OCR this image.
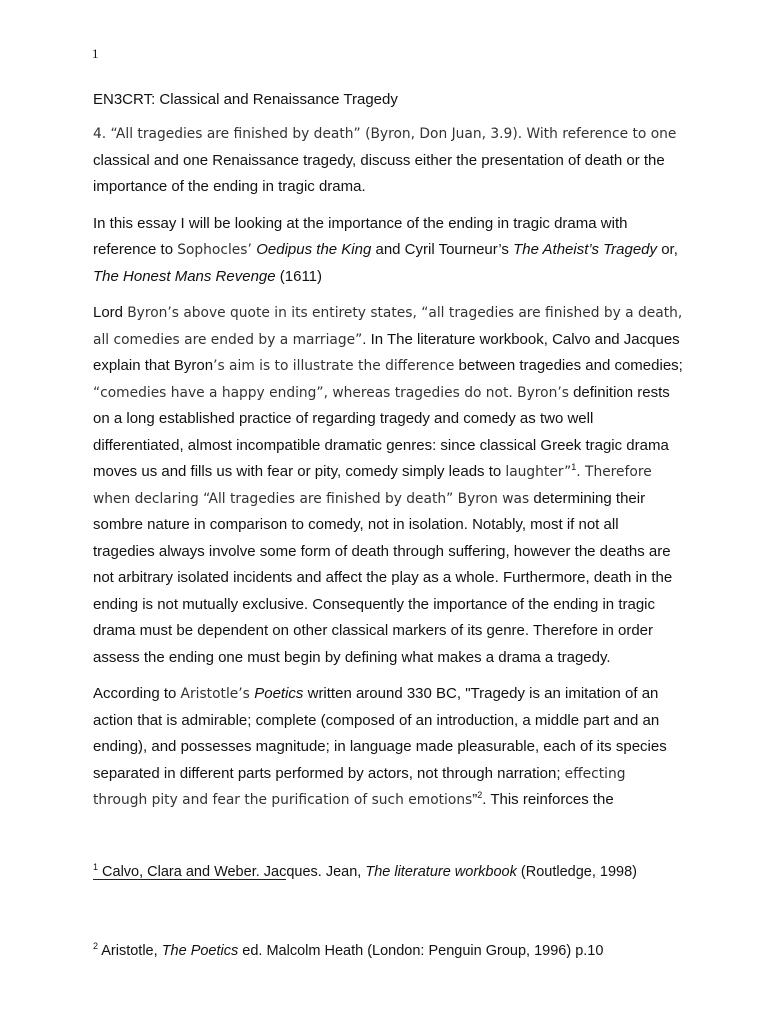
1

EN3CRT: Classical and Renaissance Tragedy

4. “All tragedies are finished by death” (Byron, Don Juan, 3.9). With reference to one classical and one Renaissance tragedy, discuss either the presentation of death or the importance of the ending in tragic drama.

In this essay I will be looking at the importance of the ending in tragic drama with reference to Sophocles’ Oedipus the King and Cyril Tourneur’s The Atheist’s Tragedy or, The Honest Mans Revenge (1611)

Lord Byron’s above quote in its entirety states, “all tragedies are finished by a death, all comedies are ended by a marriage”. In The literature workbook, Calvo and Jacques explain that Byron’s aim is to illustrate the difference between tragedies and comedies; “comedies have a happy ending”, whereas tragedies do not. Byron’s definition rests on a long established practice of regarding tragedy and comedy as two well differentiated, almost incompatible dramatic genres: since classical Greek tragic drama moves us and fills us with fear or pity, comedy simply leads to laughter”$^1$. Therefore when declaring “All tragedies are finished by death” Byron was determining their sombre nature in comparison to comedy, not in isolation. Notably, most if not all tragedies always involve some form of death through suffering, however the deaths are not arbitrary isolated incidents and affect the play as a whole. Furthermore, death in the ending is not mutually exclusive. Consequently the importance of the ending in tragic drama must be dependent on other classical markers of its genre. Therefore in order assess the ending one must begin by defining what makes a drama a tragedy.

According to Aristotle’s Poetics written around 330 BC, "Tragedy is an imitation of an action that is admirable; complete (composed of an introduction, a middle part and an ending), and possesses magnitude; in language made pleasurable, each of its species separated in different parts performed by actors, not through narration; effecting through pity and fear the purification of such emotions”$^2$. This reinforces the

$^1$ Calvo, Clara and Weber. Jacques. Jean, The literature workbook (Routledge, 1998)
$^2$ Aristotle, The Poetics ed. Malcolm Heath (London: Penguin Group, 1996) p.10
